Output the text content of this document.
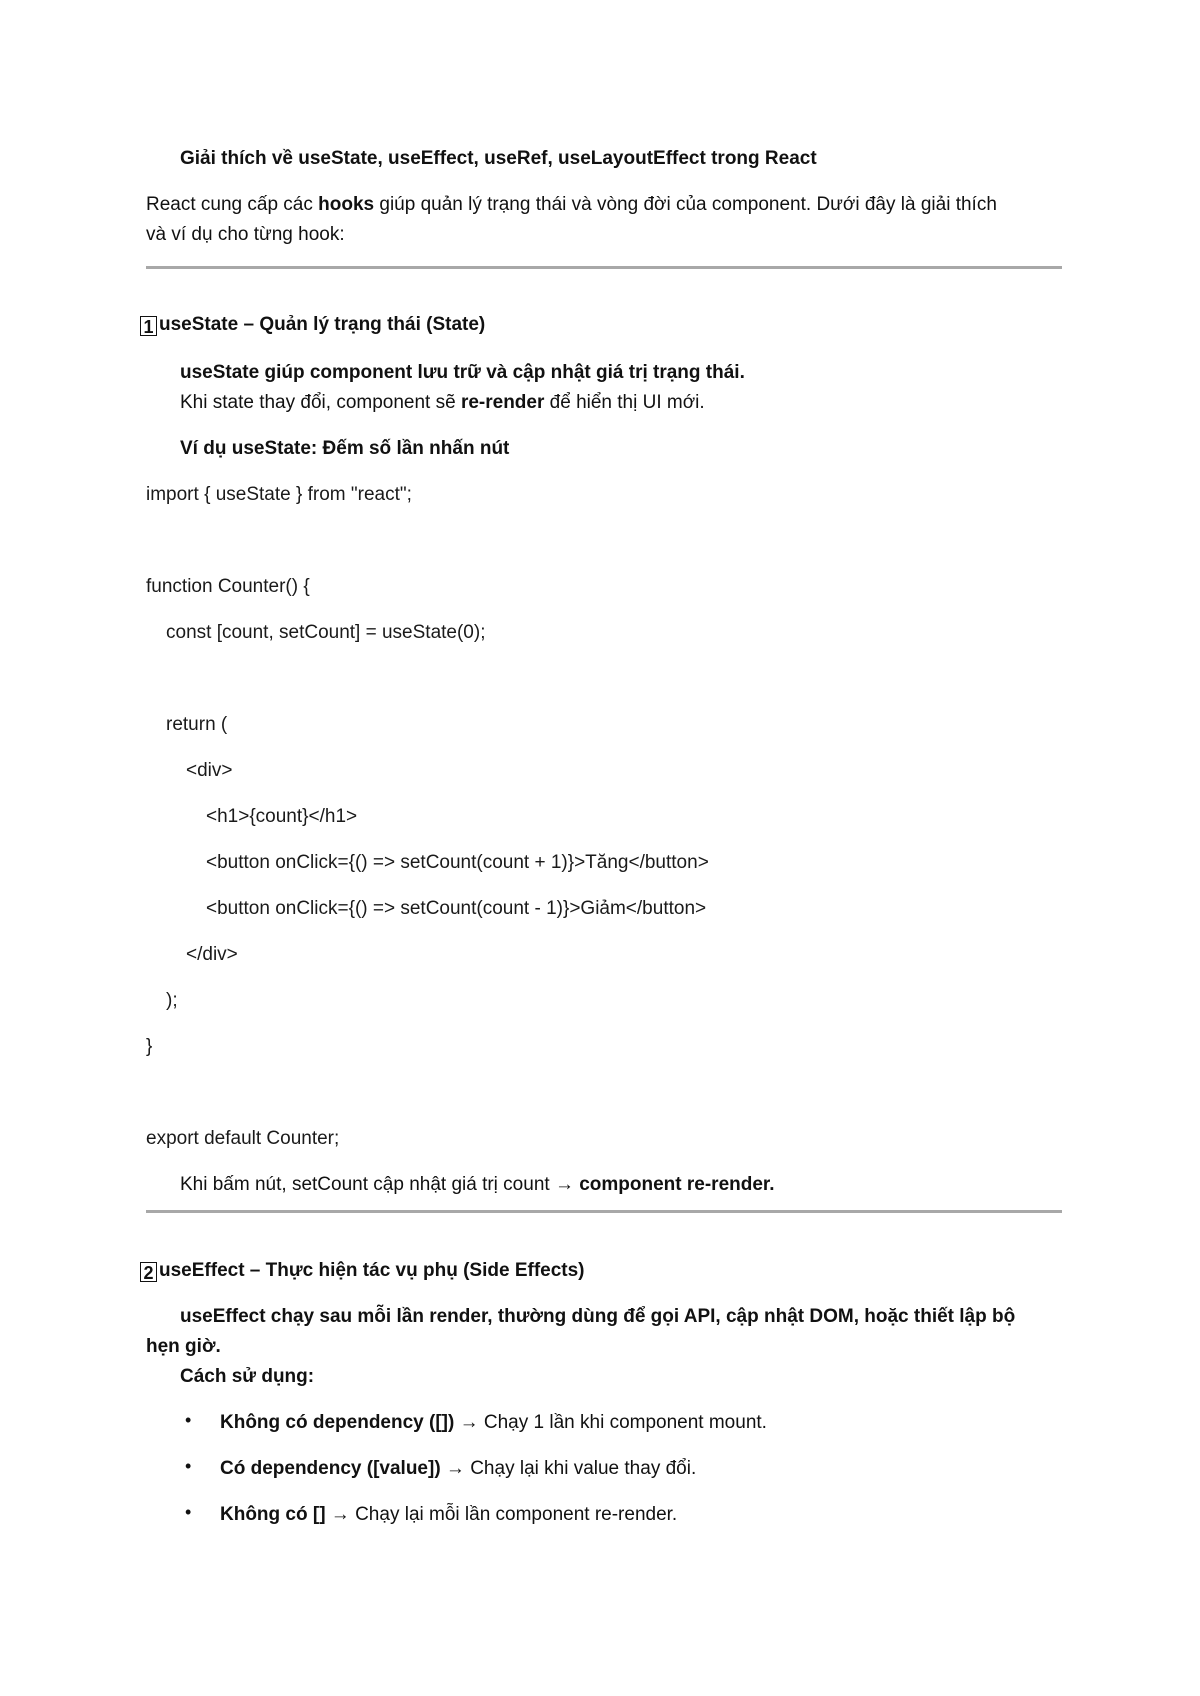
Giải thích về useState, useEffect, useRef, useLayoutEffect trong React
React cung cấp các hooks giúp quản lý trạng thái và vòng đời của component. Dưới đây là giải thích
và ví dụ cho từng hook:
1 useState – Quản lý trạng thái (State)
useState giúp component lưu trữ và cập nhật giá trị trạng thái.
Khi state thay đổi, component sẽ re-render để hiển thị UI mới.
Ví dụ useState: Đếm số lần nhấn nút
import { useState } from "react";
function Counter() {
const [count, setCount] = useState(0);
return (
<div>
<h1>{count}</h1>
<button onClick={() => setCount(count + 1)}>Tăng</button>
<button onClick={() => setCount(count - 1)}>Giảm</button>
</div>
);
}
export default Counter;
Khi bấm nút, setCount cập nhật giá trị count → component re-render.
2 useEffect – Thực hiện tác vụ phụ (Side Effects)
useEffect chạy sau mỗi lần render, thường dùng để gọi API, cập nhật DOM, hoặc thiết lập bộ
hẹn giờ.
Cách sử dụng:
• Không có dependency ([]) → Chạy 1 lần khi component mount.
• Có dependency ([value]) → Chạy lại khi value thay đổi.
• Không có [] → Chạy lại mỗi lần component re-render.
